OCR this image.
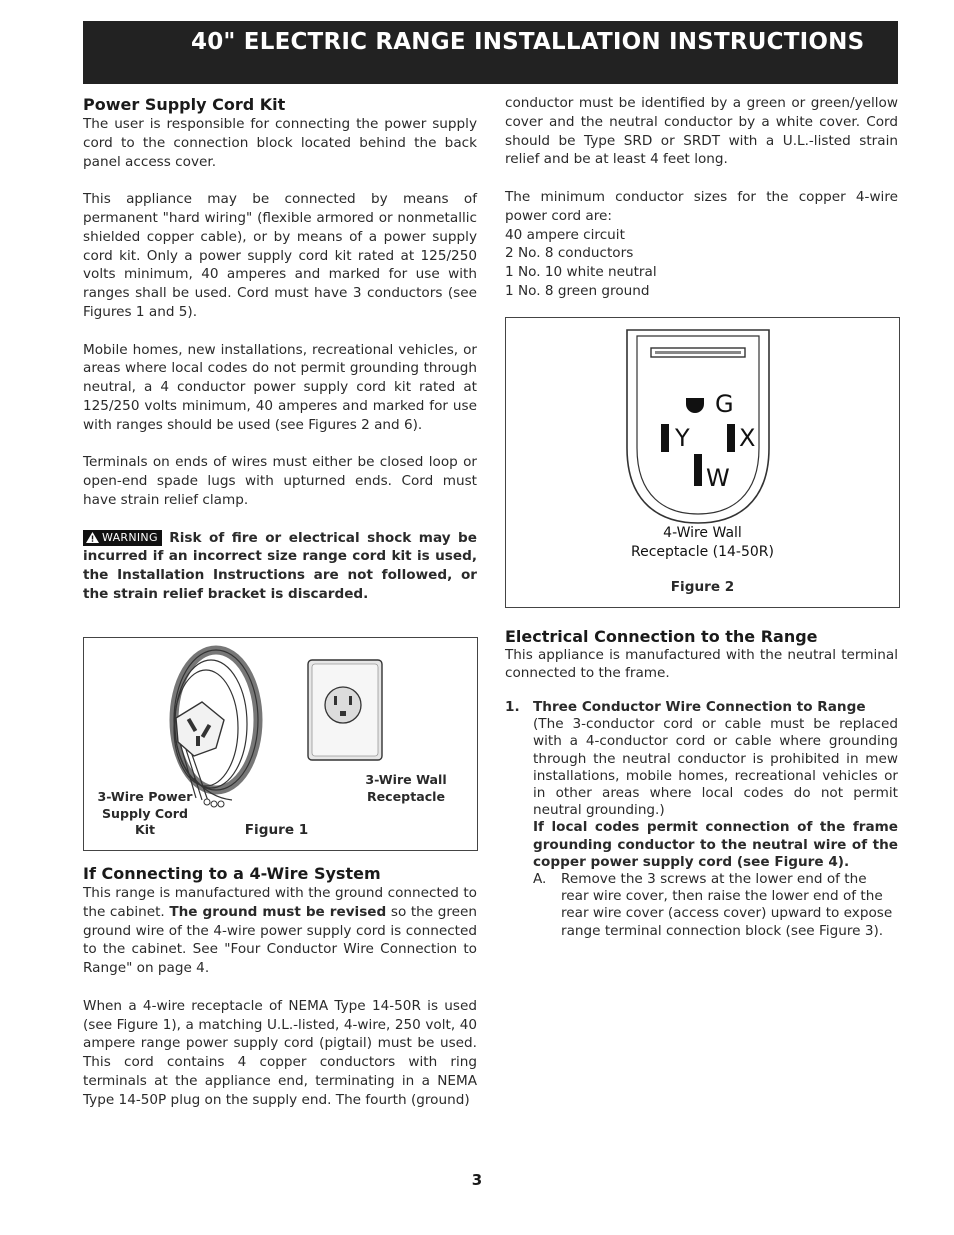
40" ELECTRIC RANGE INSTALLATION INSTRUCTIONS
Power Supply Cord Kit

The user is responsible for connecting the power supply cord to the connection block located behind the back panel access cover.

This appliance may be connected by means of permanent "hard wiring" (flexible armored or nonmetallic shielded copper cable), or by means of a power supply cord kit. Only a power supply cord kit rated at 125/250 volts minimum, 40 amperes and marked for use with ranges shall be used. Cord must have 3 conductors (see Figures 1 and 5).

Mobile homes, new installations, recreational vehicles, or areas where local codes do not permit grounding through neutral, a 4 conductor power supply cord kit rated at 125/250 volts minimum, 40 amperes and marked for use with ranges should be used (see Figures 2 and 6).

Terminals on ends of wires must either be closed loop or open-end spade lugs with upturned ends. Cord must have strain relief clamp.

WARNING Risk of fire or electrical shock may be incurred if an incorrect size range cord kit is used, the Installation Instructions are not followed, or the strain relief bracket is discarded.

3-Wire Power
Supply Cord Kit
3-Wire Wall
Receptacle
Figure 1
If Connecting to a 4-Wire System

This range is manufactured with the ground connected to the cabinet. The ground must be revised so the green ground wire of the 4-wire power supply cord is connected to the cabinet. See "Four Conductor Wire Connection to Range" on page 4.

When a 4-wire receptacle of NEMA Type 14-50R is used (see Figure 1), a matching U.L.-listed, 4-wire, 250 volt, 40 ampere range power supply cord (pigtail) must be used. This cord contains 4 copper conductors with ring terminals at the appliance end, terminating in a NEMA Type 14-50P plug on the supply end. The fourth (ground)

conductor must be identified by a green or green/yellow cover and the neutral conductor by a white cover. Cord should be Type SRD or SRDT with a U.L.-listed strain relief and be at least 4 feet long.

The minimum conductor sizes for the copper 4-wire power cord are:

40 ampere circuit
2 No. 8 conductors
1 No. 10 white neutral
1 No. 8 green ground
G
Y X
W
4-Wire Wall
Receptacle (14-50R)
Figure 2
Electrical Connection to the Range

This appliance is manufactured with the neutral terminal connected to the frame.

1. Three Conductor Wire Connection to Range
(The 3-conductor cord or cable must be replaced with a 4-conductor cord or cable where grounding through the neutral conductor is prohibited in mew installations, mobile homes, recreational vehicles or in other areas where local codes do not permit neutral grounding.)
If local codes permit connection of the frame grounding conductor to the neutral wire of the copper power supply cord (see Figure 4).
A. Remove the 3 screws at the lower end of the rear wire cover, then raise the lower end of the rear wire cover (access cover) upward to expose range terminal connection block (see Figure 3).
3
